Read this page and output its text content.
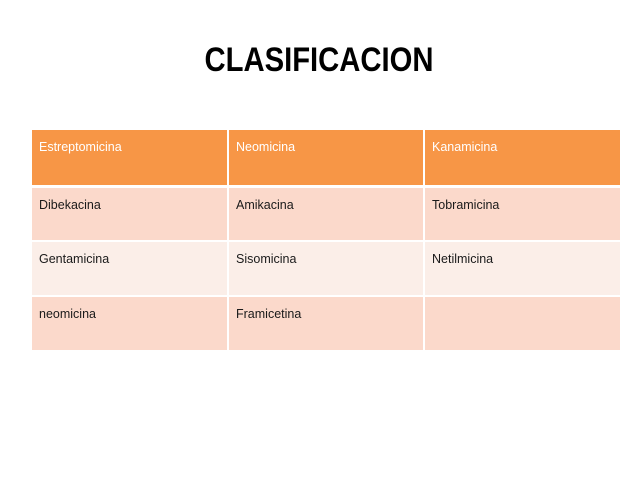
CLASIFICACION
Estreptomicina	Neomicina	Kanamicina
Dibekacina	Amikacina	Tobramicina
Gentamicina	Sisomicina	Netilmicina
neomicina	Framicetina	
